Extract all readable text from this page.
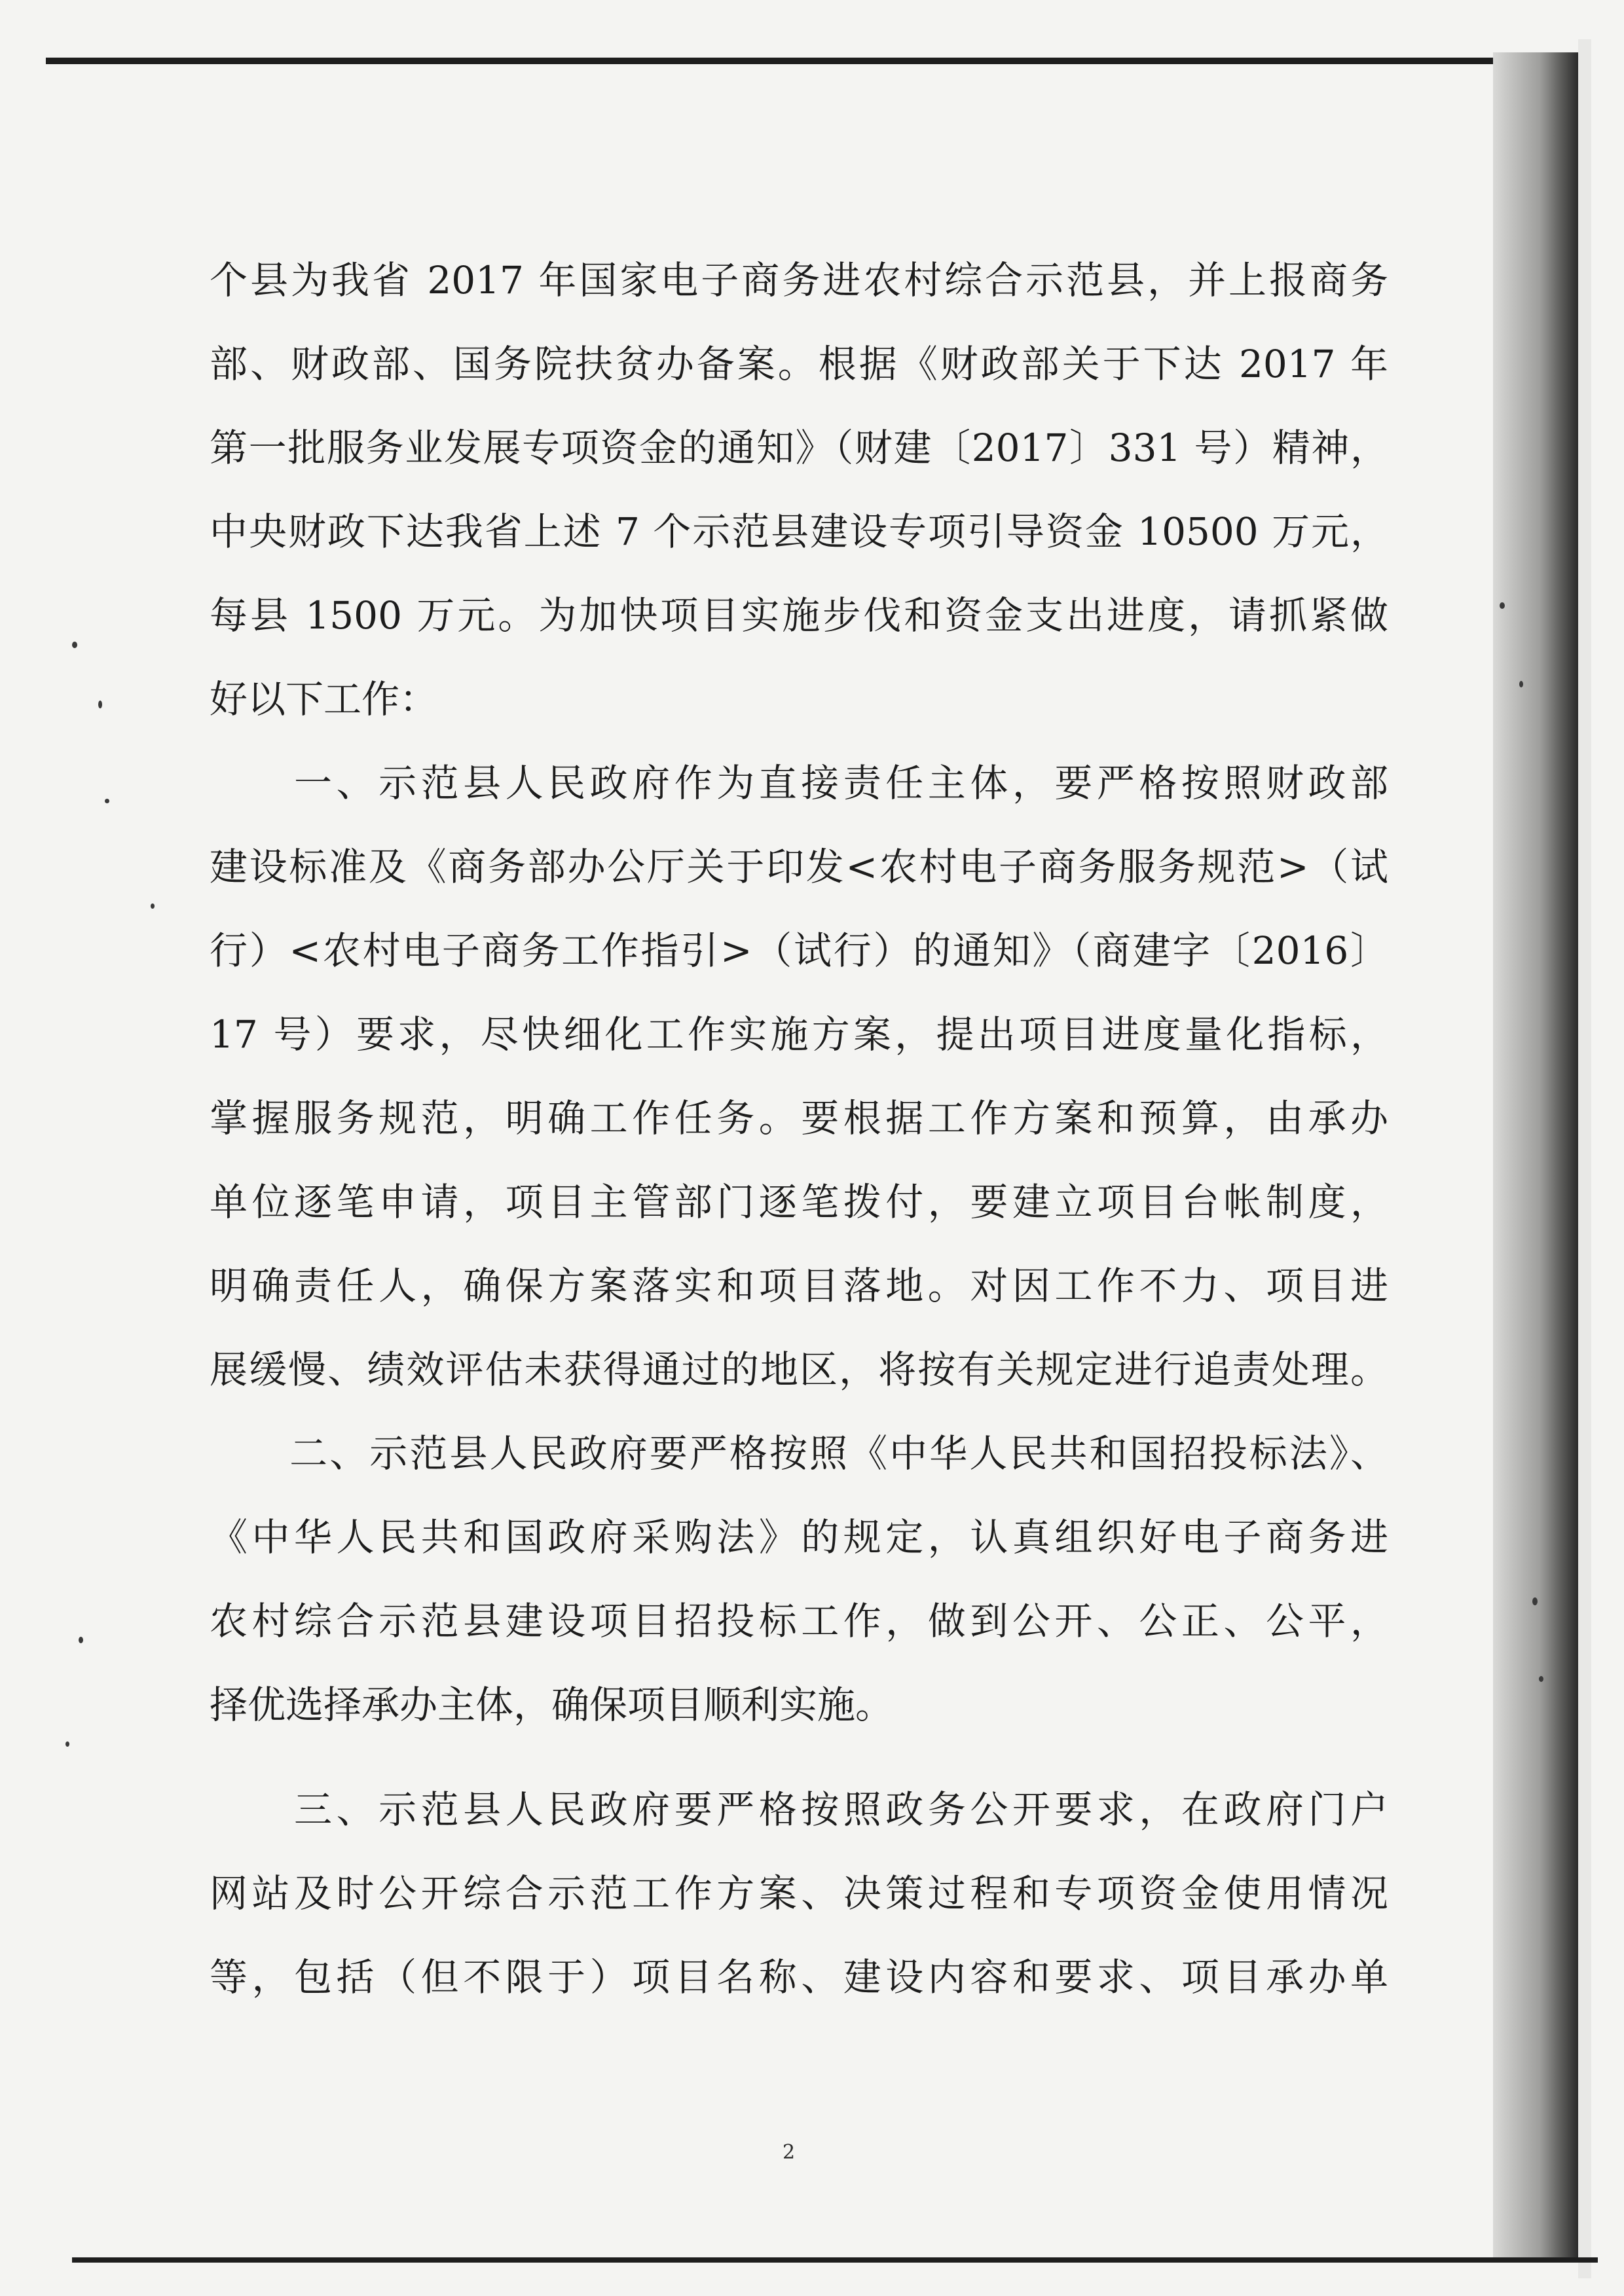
个县为我省 2017 年国家电子商务进农村综合示范县，并上报商务
部、财政部、国务院扶贫办备案。根据《财政部关于下达 2017 年
第一批服务业发展专项资金的通知》（财建〔2017〕331 号）精神，
中央财政下达我省上述 7 个示范县建设专项引导资金 10500 万元，
每县 1500 万元。为加快项目实施步伐和资金支出进度，请抓紧做
好以下工作：
　　一、示范县人民政府作为直接责任主体，要严格按照财政部
建设标准及《商务部办公厅关于印发<农村电子商务服务规范>（试
行）<农村电子商务工作指引>（试行）的通知》（商建字〔2016〕
17 号）要求，尽快细化工作实施方案，提出项目进度量化指标，
掌握服务规范，明确工作任务。要根据工作方案和预算，由承办
单位逐笔申请，项目主管部门逐笔拨付，要建立项目台帐制度，
明确责任人，确保方案落实和项目落地。对因工作不力、项目进
展缓慢、绩效评估未获得通过的地区，将按有关规定进行追责处理。
　　二、示范县人民政府要严格按照《中华人民共和国招投标法》、
《中华人民共和国政府采购法》的规定，认真组织好电子商务进
农村综合示范县建设项目招投标工作，做到公开、公正、公平，
择优选择承办主体，确保项目顺利实施。
　　三、示范县人民政府要严格按照政务公开要求，在政府门户
网站及时公开综合示范工作方案、决策过程和专项资金使用情况
等，包括（但不限于）项目名称、建设内容和要求、项目承办单
2
